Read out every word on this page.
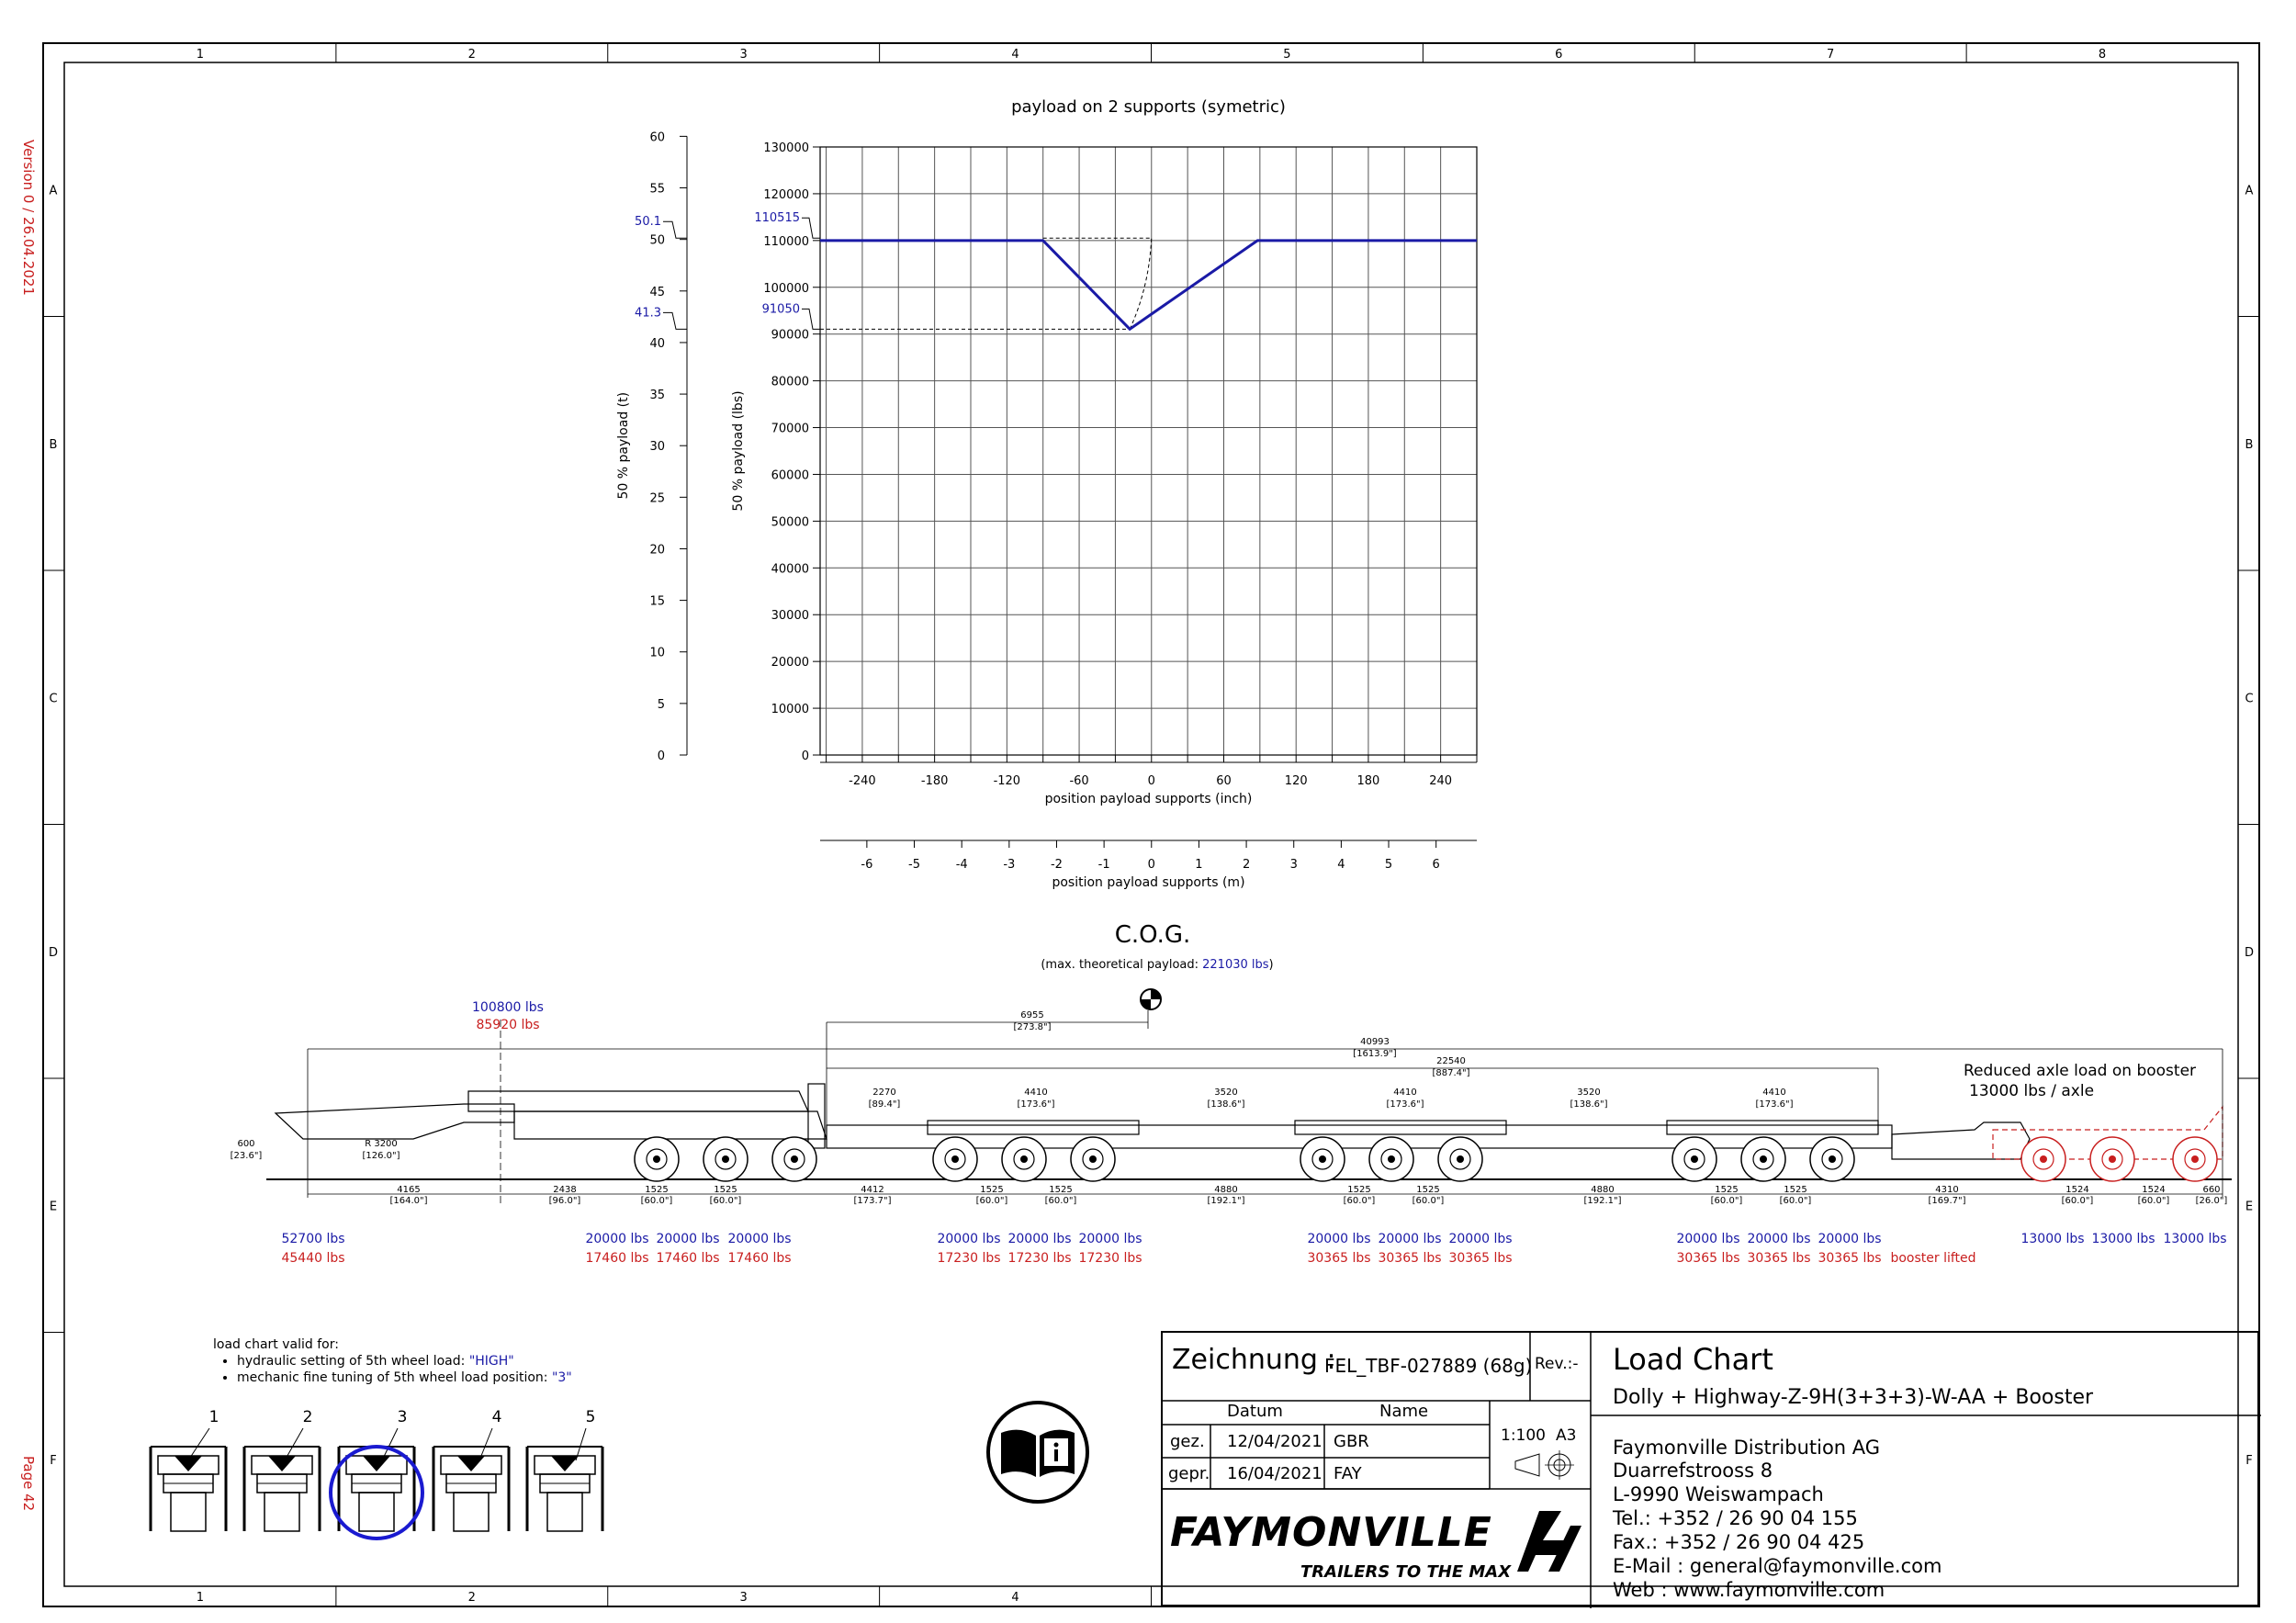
Version 0 / 26.04.2021
Page 42
1	2	3	4	5	6	7	8
1	2	3	4
A	A
B	B
C	C
D	D
E	E
F	F
payload on 2 supports (symetric)
0
10000
20000
30000
40000
50000
60000
70000
80000
90000
100000
110000
120000
130000
-240	-180	-120	-60	0	60	120	180	240
position payload supports (inch)
-6	-5	-4	-3	-2	-1	0	1	2	3	4	5	6
position payload supports (m)
0
5
10
15
20
25
30
35
40
45
50
55
60
50 % payload (t)	50 % payload (lbs)
110515
50.1
91050
41.3
C.O.G.
(max. theoretical payload: 221030 lbs)
100800 lbs
85920 lbs
Reduced axle load on booster
13000 lbs / axle
6955
[273.8"]
40993
[1613.9"]
22540
[887.4"]
2270
[89.4"]
4410
[173.6"]
3520
[138.6"]
4410
[173.6"]
3520
[138.6"]
4410
[173.6"]
600
[23.6"]
R 3200
[126.0"]
4165
[164.0"]
2438
[96.0"]
1525
[60.0"]
1525
[60.0"]
4412
[173.7"]
1525
[60.0"]
1525
[60.0"]
4880
[192.1"]
1525
[60.0"]
1525
[60.0"]
4880
[192.1"]
1525
[60.0"]
1525
[60.0"]
4310
[169.7"]
1524
[60.0"]
1524
[60.0"]
660
[26.0"]
52700 lbs
45440 lbs
20000 lbs
17460 lbs
20000 lbs
17460 lbs
20000 lbs
17460 lbs
20000 lbs
17230 lbs
20000 lbs
17230 lbs
20000 lbs
17230 lbs
20000 lbs
30365 lbs
20000 lbs
30365 lbs
20000 lbs
30365 lbs
20000 lbs
30365 lbs
20000 lbs
30365 lbs
20000 lbs
30365 lbs booster lifted
13000 lbs 13000 lbs 13000 lbs
1	2	3	4	5
load chart valid for:
• hydraulic setting of 5th wheel load: "HIGH"
• mechanic fine tuning of 5th wheel load position: "3"
Zeichnung :
FEL_TBF-027889 (68g) Rev.:- Load Chart
Dolly + Highway-Z-9H(3+3+3)-W-AA + Booster
Datum	Name
gez. 12/04/2021 GBR
gepr. 16/04/2021 FAY
1:100 A3
FAYMONVILLE
TRAILERS TO THE MAX
Faymonville Distribution AG
Duarrefstrooss 8
L-9990 Weiswampach
Tel.: +352 / 26 90 04 155
Fax.: +352 / 26 90 04 425
E-Mail : general@faymonville.com
Web : www.faymonville.com
